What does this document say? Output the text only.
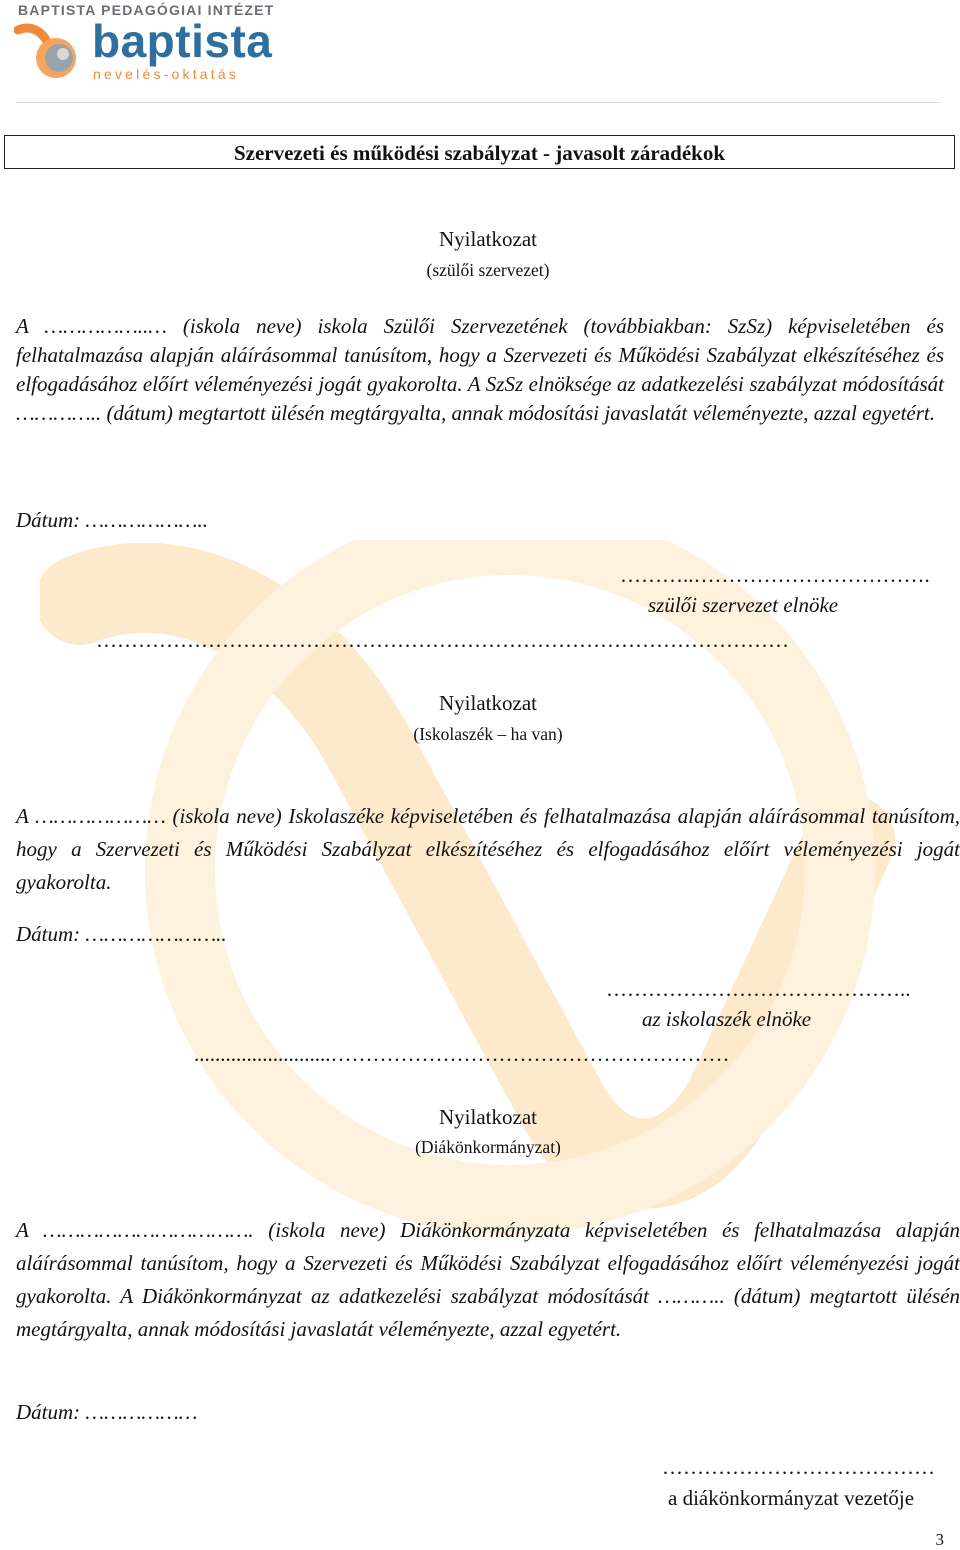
BAPTISTA PEDAGÓGIAI INTÉZET
baptista
nevelés-oktatás
Szervezeti és működési szabályzat - javasolt záradékok
Nyilatkozat
(szülői szervezet)
A ……………..… (iskola neve) iskola Szülői Szervezetének (továbbiakban: SzSz) képviseletében és felhatalmazása alapján aláírásommal tanúsítom, hogy a Szervezeti és Működési Szabályzat elkészítéséhez és elfogadásához előírt véleményezési jogát gyakorolta. A SzSz elnöksége az adatkezelési szabályzat módosítását ………….. (dátum) megtartott ülésén megtárgyalta, annak módosítási javaslatát véleményezte, azzal egyetért.
Dátum: ………………..
………..…………………………….
szülői szervezet elnöke
………………………………………………………………………………………
Nyilatkozat
(Iskolaszék – ha van)
A ………………… (iskola neve) Iskolaszéke képviseletében és felhatalmazása alapján aláírásommal tanúsítom, hogy a Szervezeti és Működési Szabályzat elkészítéséhez és elfogadásához előírt véleményezési jogát gyakorolta.
Dátum: …………………..
……………………………………..
az iskolaszék elnöke
..........................…………………………………………………
Nyilatkozat
(Diákönkormányzat)
A ……………………………. (iskola neve) Diákönkormányzata képviseletében és felhatalmazása alapján aláírásommal tanúsítom, hogy a Szervezeti és Működési Szabályzat elfogadásához előírt véleményezési jogát gyakorolta. A Diákönkormányzat az adatkezelési szabályzat módosítását ……….. (dátum) megtartott ülésén megtárgyalta, annak módosítási javaslatát véleményezte, azzal egyetért.
Dátum: ………………
…………………………………
a diákönkormányzat vezetője
3
